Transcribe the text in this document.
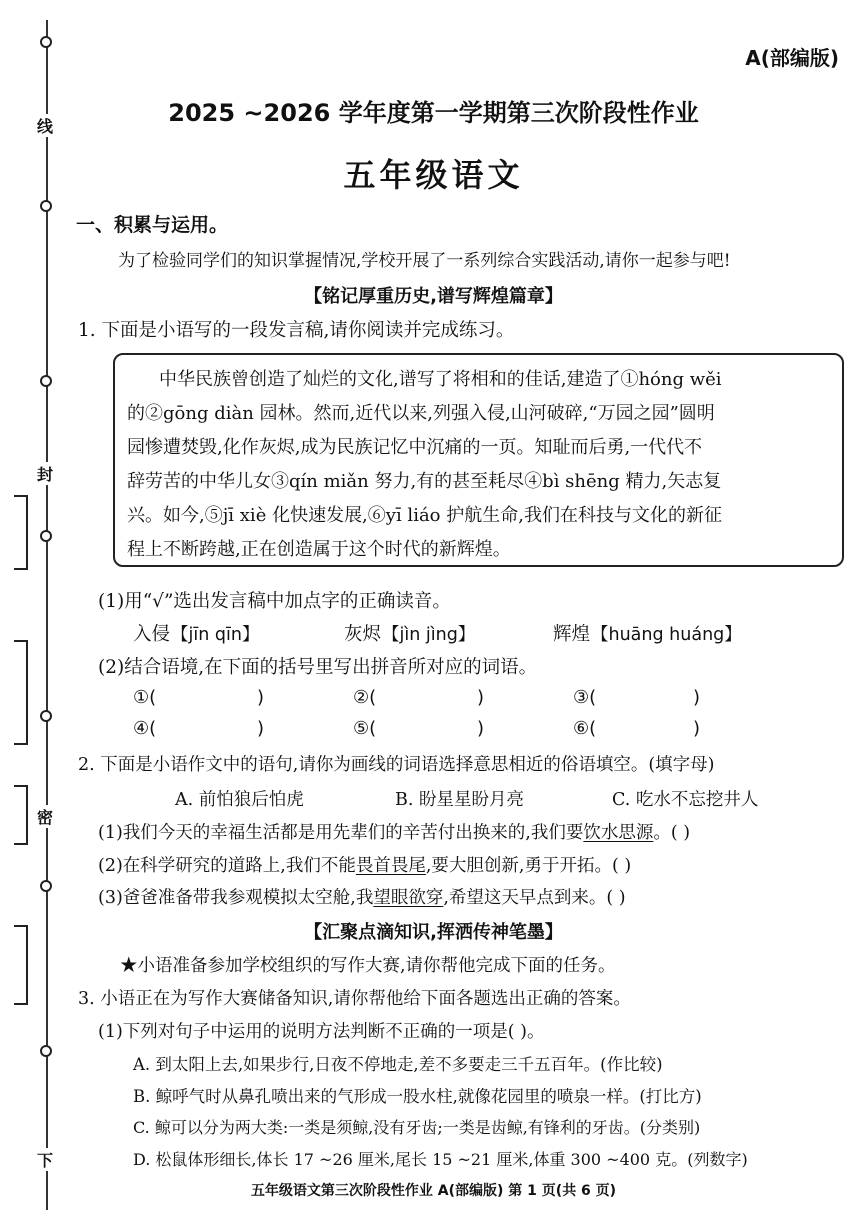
线
封
密
下
A(部编版)
2025 ~2026 学年度第一学期第三次阶段性作业
五年级语文
一、积累与运用。
为了检验同学们的知识掌握情况,学校开展了一系列综合实践活动,请你一起参与吧!
【铭记厚重历史,谱写辉煌篇章】
1. 下面是小语写的一段发言稿,请你阅读并完成练习。

中华民族曾创造了灿烂的文化,谱写了将相和的佳话,建造了①hóng wěi

的②gōng diàn 园林。然而,近代以来,列强入侵,山河破碎,“万园之园”圆明

园惨遭焚毁,化作灰烬,成为民族记忆中沉痛的一页。知耻而后勇,一代代不

辞劳苦的中华儿女③qín miǎn 努力,有的甚至耗尽④bì shēng 精力,矢志复

兴。如今,⑤jī xiè 化快速发展,⑥yī liáo 护航生命,我们在科技与文化的新征

程上不断跨越,正在创造属于这个时代的新辉煌。

(1)用“√”选出发言稿中加点字的正确读音。
入侵 【jīn qīn】	灰烬 【jìn jìng】	辉煌 【huāng huáng】
(2)结合语境,在下面的括号里写出拼音所对应的词语。
①(	)	②(	)	③(	)
④(	)	⑤(	)	⑥(	)
2. 下面是小语作文中的语句,请你为画线的词语选择意思相近的俗语填空。(填字母)
A. 前怕狼后怕虎	B. 盼星星盼月亮	C. 吃水不忘挖井人
(1)我们今天的幸福生活都是用先辈们的辛苦付出换来的,我们要饮水思源。( )
(2)在科学研究的道路上,我们不能畏首畏尾,要大胆创新,勇于开拓。( )
(3)爸爸准备带我参观模拟太空舱,我望眼欲穿,希望这天早点到来。( )
【汇聚点滴知识,挥洒传神笔墨】
★小语准备参加学校组织的写作大赛,请你帮他完成下面的任务。
3. 小语正在为写作大赛储备知识,请你帮他给下面各题选出正确的答案。
(1)下列对句子中运用的说明方法判断不正确的一项是( )。
A. 到太阳上去,如果步行,日夜不停地走,差不多要走三千五百年。(作比较)
B. 鲸呼气时从鼻孔喷出来的气形成一股水柱,就像花园里的喷泉一样。(打比方)
C. 鲸可以分为两大类:一类是须鲸,没有牙齿;一类是齿鲸,有锋利的牙齿。(分类别)
D. 松鼠体形细长,体长 17 ~26 厘米,尾长 15 ~21 厘米,体重 300 ~400 克。(列数字)
五年级语文第三次阶段性作业 A(部编版) 第 1 页(共 6 页)
